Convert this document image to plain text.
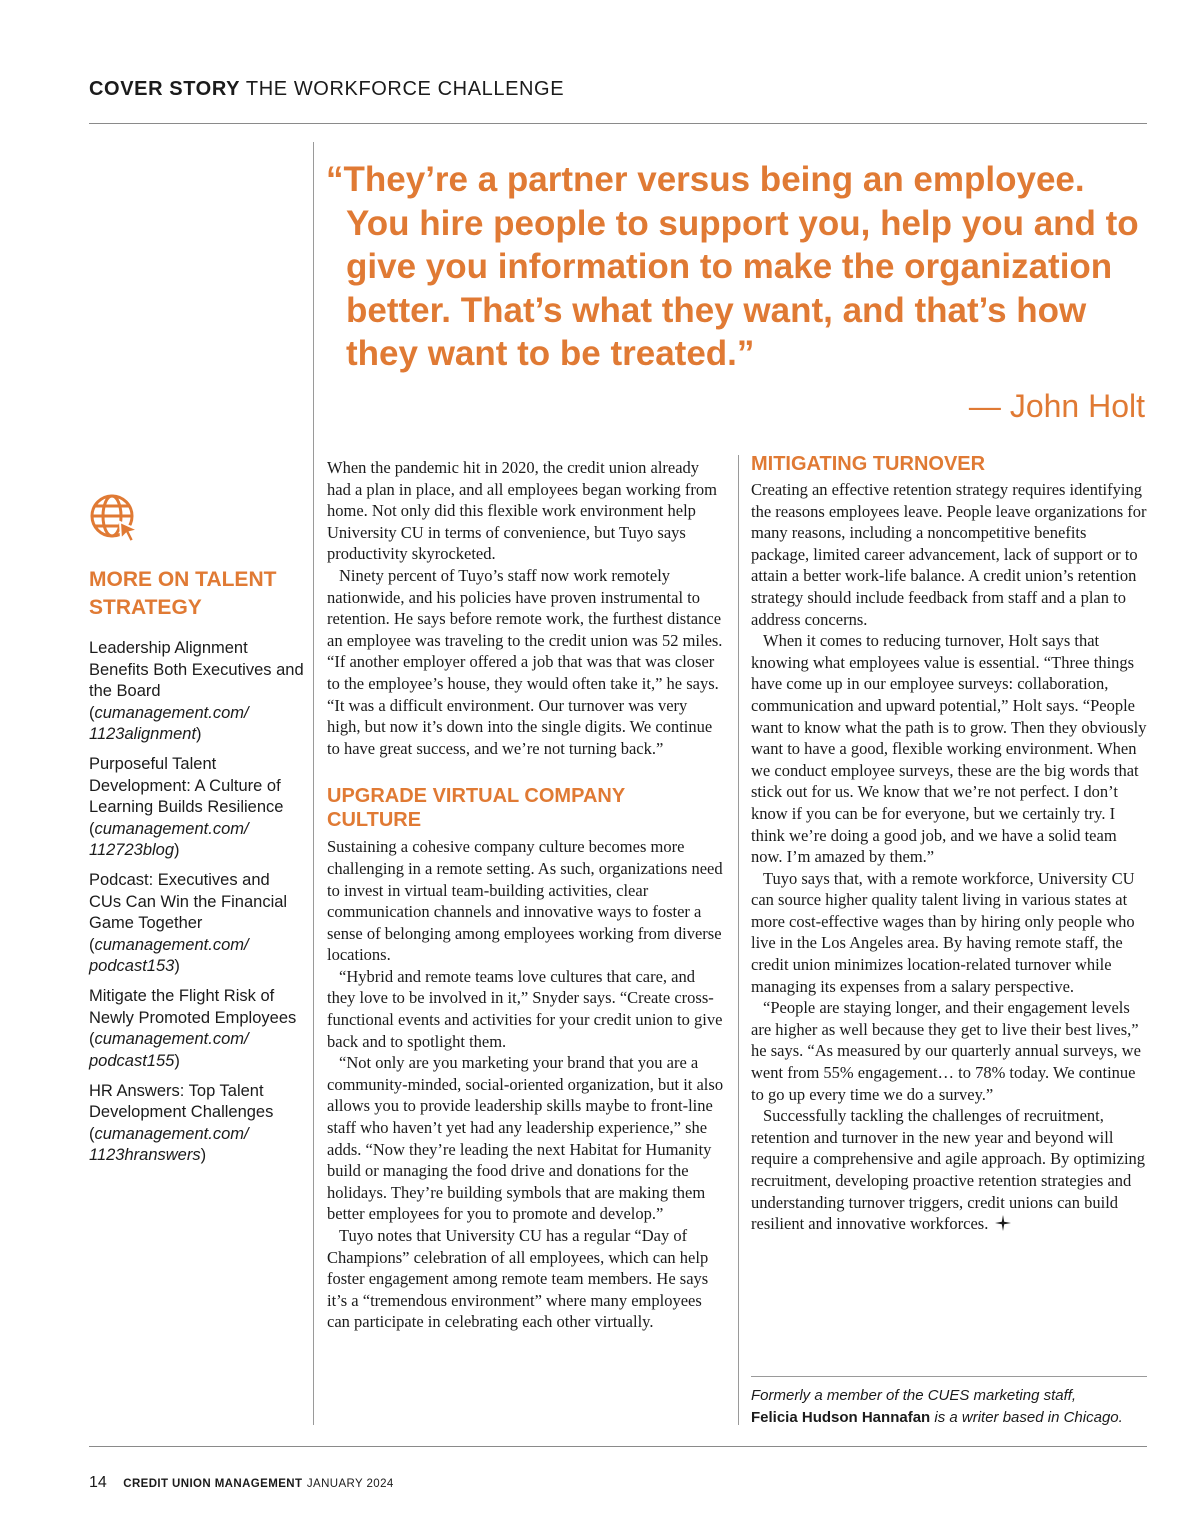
COVER STORY THE WORKFORCE CHALLENGE
“They’re a partner versus being an employee. You hire people to support you, help you and to give you information to make the organization better. That’s what they want, and that’s how they want to be treated.”
— John Holt
MORE ON TALENT STRATEGY
Leadership Alignment Benefits Both Executives and the Board (cumanagement.com/ 1123alignment)
Purposeful Talent Development: A Culture of Learning Builds Resilience (cumanagement.com/ 112723blog)
Podcast: Executives and CUs Can Win the Financial Game Together (cumanagement.com/ podcast153)
Mitigate the Flight Risk of Newly Promoted Employees (cumanagement.com/ podcast155)
HR Answers: Top Talent Development Challenges (cumanagement.com/ 1123hranswers)

When the pandemic hit in 2020, the credit union already had a plan in place, and all employees began working from home. Not only did this flexible work environment help University CU in terms of convenience, but Tuyo says productivity skyrocketed.

Ninety percent of Tuyo’s staff now work remotely nationwide, and his policies have proven instrumental to retention. He says before remote work, the furthest distance an employee was traveling to the credit union was 52 miles. “If another employer offered a job that was that was closer to the employee’s house, they would often take it,” he says. “It was a difficult environment. Our turnover was very high, but now it’s down into the single digits. We continue to have great success, and we’re not turning back.”

UPGRADE VIRTUAL COMPANY CULTURE

Sustaining a cohesive company culture becomes more challenging in a remote setting. As such, organizations need to invest in virtual team-building activities, clear communication channels and innovative ways to foster a sense of belonging among employees working from diverse locations.

“Hybrid and remote teams love cultures that care, and they love to be involved in it,” Snyder says. “Create cross-functional events and activities for your credit union to give back and to spotlight them.

“Not only are you marketing your brand that you are a community-minded, social-oriented organization, but it also allows you to provide leadership skills maybe to front-line staff who haven’t yet had any leadership experience,” she adds. “Now they’re leading the next Habitat for Humanity build or managing the food drive and donations for the holidays. They’re building symbols that are making them better employees for you to promote and develop.”

Tuyo notes that University CU has a regular “Day of Champions” celebration of all employees, which can help foster engagement among remote team members. He says it’s a “tremendous environment” where many employees can participate in celebrating each other virtually.

MITIGATING TURNOVER

Creating an effective retention strategy requires identifying the reasons employees leave. People leave organizations for many reasons, including a noncompetitive benefits package, limited career advancement, lack of support or to attain a better work-life balance. A credit union’s retention strategy should include feedback from staff and a plan to address concerns.

When it comes to reducing turnover, Holt says that knowing what employees value is essential. “Three things have come up in our employee surveys: collaboration, communication and upward potential,” Holt says. “People want to know what the path is to grow. Then they obviously want to have a good, flexible working environment. When we conduct employee surveys, these are the big words that stick out for us. We know that we’re not perfect. I don’t know if you can be for everyone, but we certainly try. I think we’re doing a good job, and we have a solid team now. I’m amazed by them.”

Tuyo says that, with a remote workforce, University CU can source higher quality talent living in various states at more cost-effective wages than by hiring only people who live in the Los Angeles area. By having remote staff, the credit union minimizes location-related turnover while managing its expenses from a salary perspective.

“People are staying longer, and their engagement levels are higher as well because they get to live their best lives,” he says. “As measured by our quarterly annual surveys, we went from 55% engagement… to 78% today. We continue to go up every time we do a survey.”

Successfully tackling the challenges of recruitment, retention and turnover in the new year and beyond will require a comprehensive and agile approach. By optimizing recruitment, developing proactive retention strategies and understanding turnover triggers, credit unions can build resilient and innovative workforces.

Formerly a member of the CUES marketing staff,
Felicia Hudson Hannafan is a writer based in Chicago.
14 CREDIT UNION MANAGEMENT JANUARY 2024
